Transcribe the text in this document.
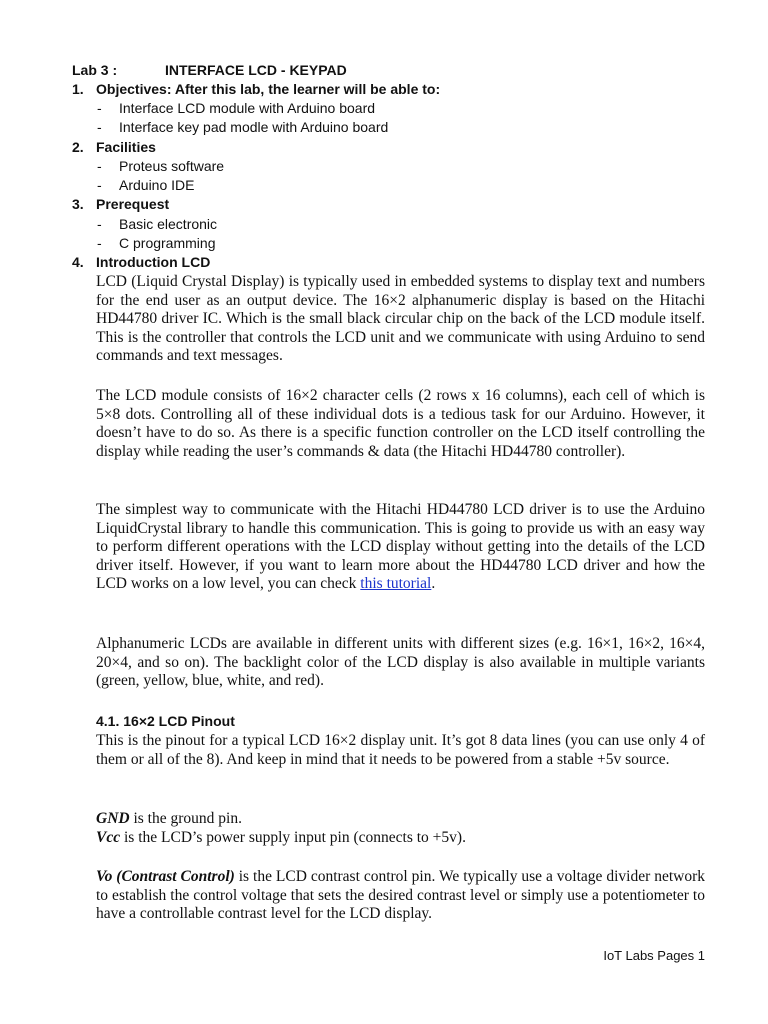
Lab 3 :	INTERFACE LCD - KEYPAD
1. Objectives: After this lab, the learner will be able to:
- Interface LCD module with Arduino board
- Interface key pad modle with Arduino board
2. Facilities
- Proteus software
- Arduino IDE
3. Prerequest
- Basic electronic
- C programming
4. Introduction LCD
LCD (Liquid Crystal Display) is typically used in embedded systems to display text and numbers for the end user as an output device. The 16×2 alphanumeric display is based on the Hitachi HD44780 driver IC. Which is the small black circular chip on the back of the LCD module itself. This is the controller that controls the LCD unit and we communicate with using Arduino to send commands and text messages.
The LCD module consists of 16×2 character cells (2 rows x 16 columns), each cell of which is 5×8 dots. Controlling all of these individual dots is a tedious task for our Arduino. However, it doesn’t have to do so. As there is a specific function controller on the LCD itself controlling the display while reading the user’s commands & data (the Hitachi HD44780 controller).
The simplest way to communicate with the Hitachi HD44780 LCD driver is to use the Arduino LiquidCrystal library to handle this communication. This is going to provide us with an easy way to perform different operations with the LCD display without getting into the details of the LCD driver itself. However, if you want to learn more about the HD44780 LCD driver and how the LCD works on a low level, you can check this tutorial.
Alphanumeric LCDs are available in different units with different sizes (e.g. 16×1, 16×2, 16×4, 20×4, and so on). The backlight color of the LCD display is also available in multiple variants (green, yellow, blue, white, and red).
4.1. 16×2 LCD Pinout
This is the pinout for a typical LCD 16×2 display unit. It’s got 8 data lines (you can use only 4 of them or all of the 8). And keep in mind that it needs to be powered from a stable +5v source.
GND is the ground pin.
Vcc is the LCD’s power supply input pin (connects to +5v).
Vo (Contrast Control) is the LCD contrast control pin. We typically use a voltage divider network to establish the control voltage that sets the desired contrast level or simply use a potentiometer to have a controllable contrast level for the LCD display.
IoT Labs Pages 1
